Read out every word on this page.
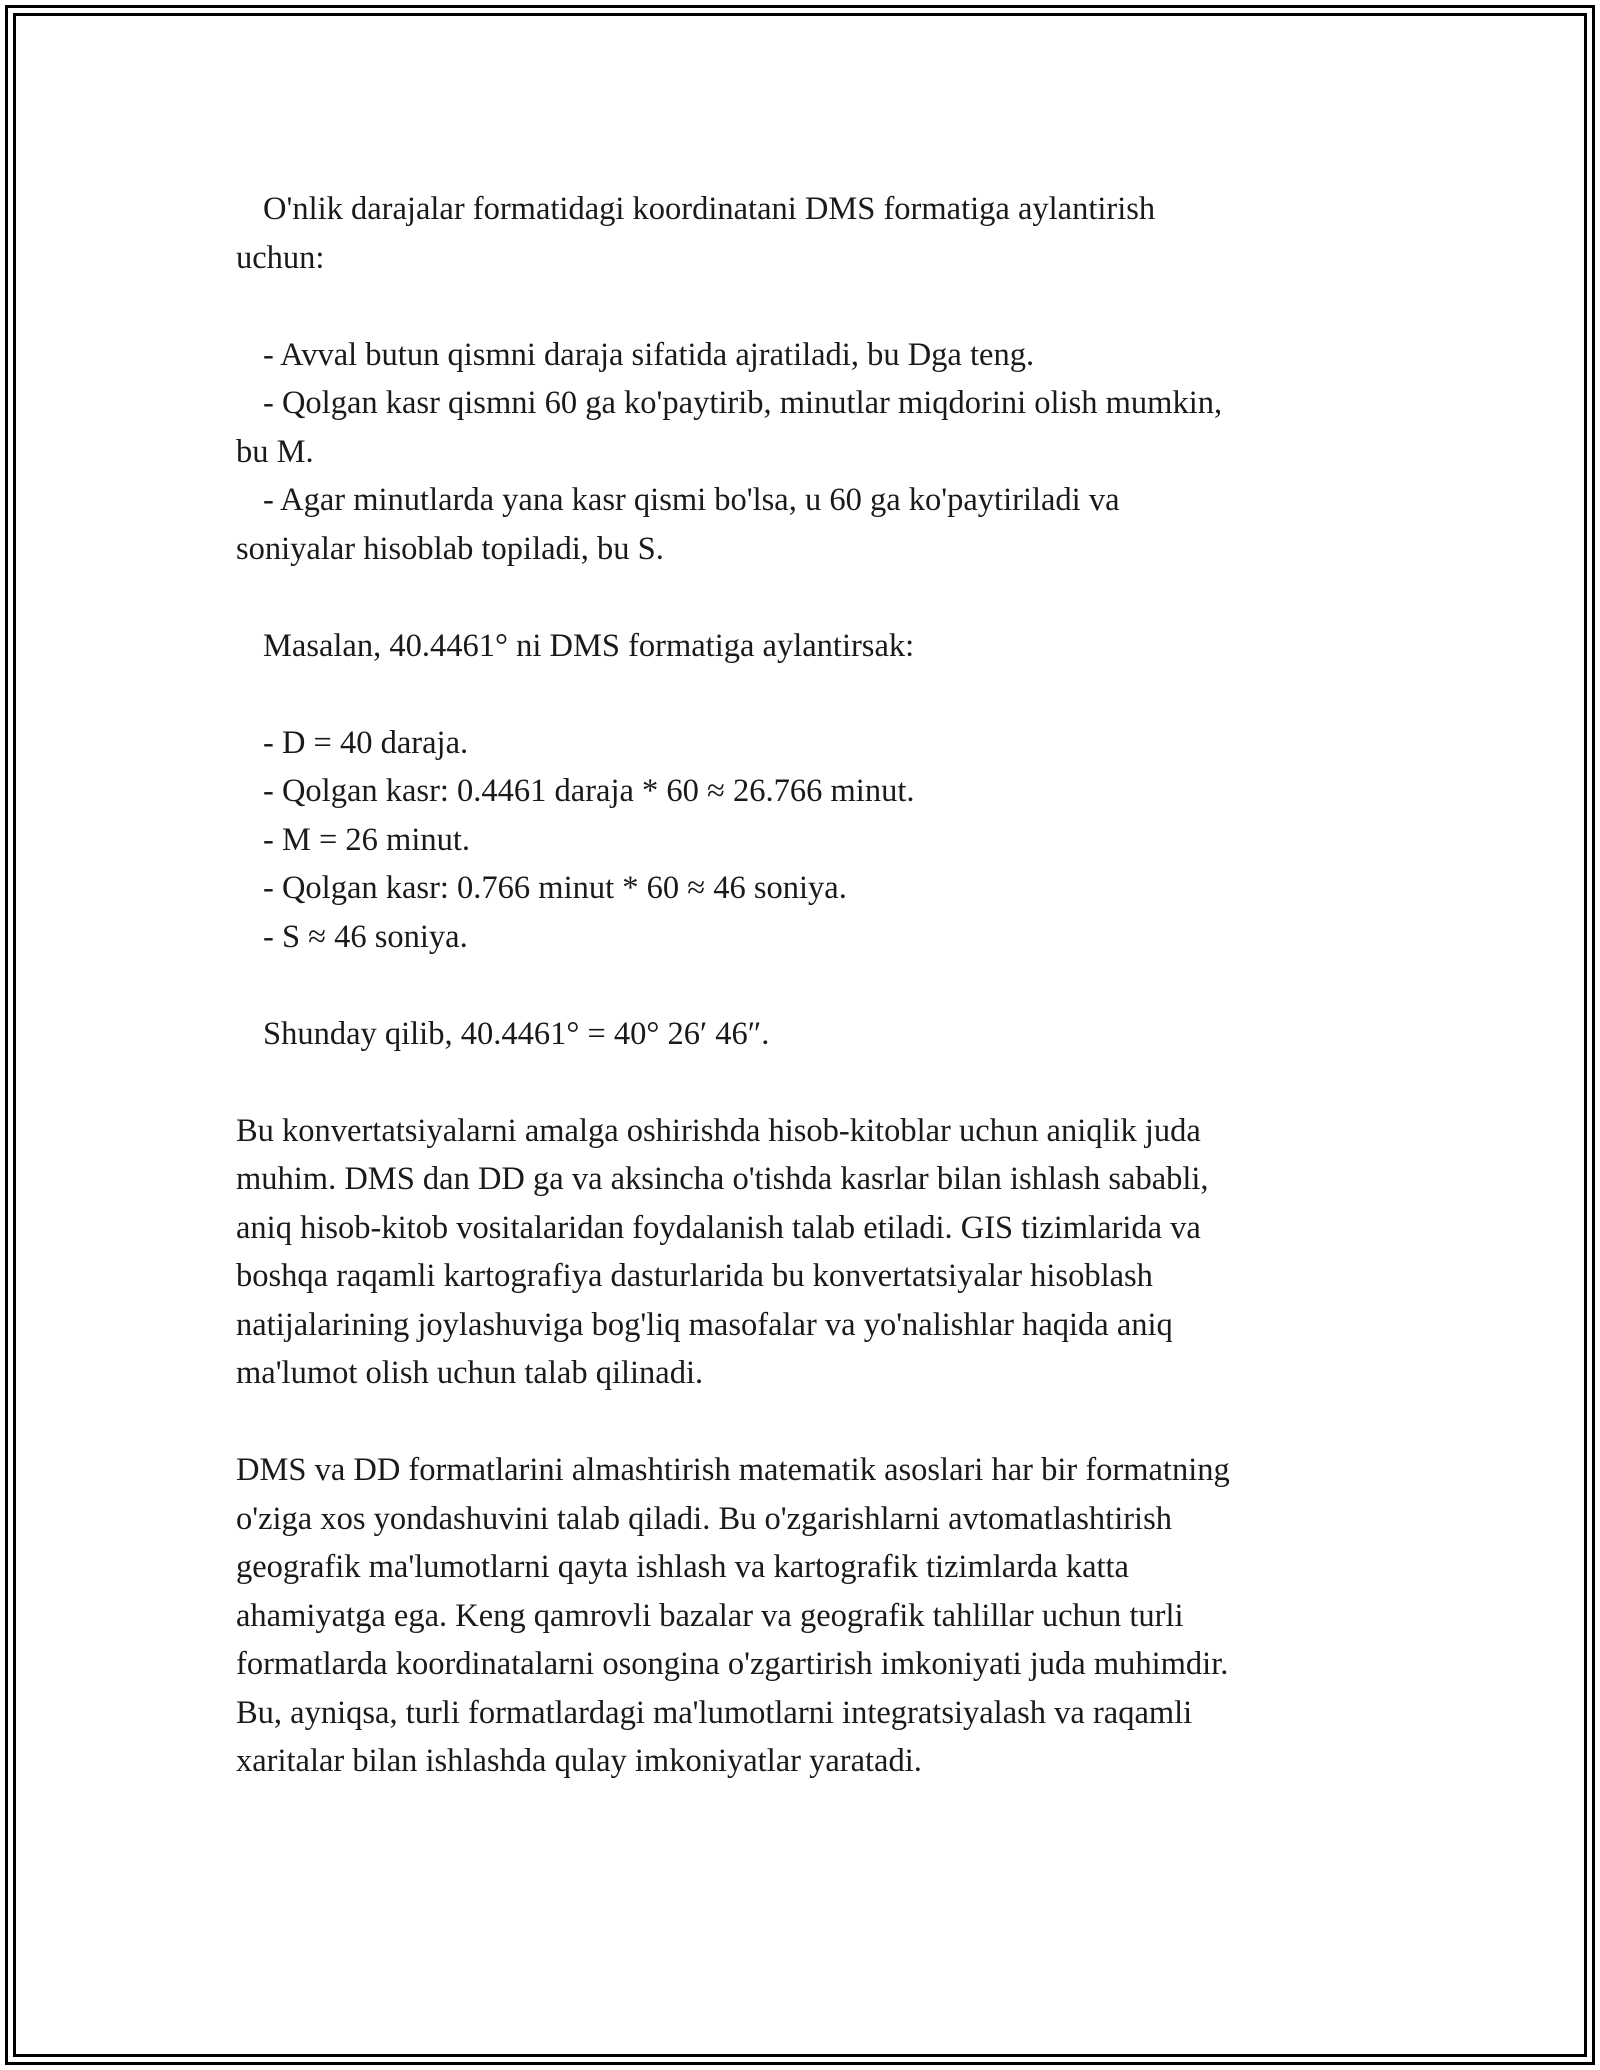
O'nlik darajalar formatidagi koordinatani DMS formatiga aylantirish
uchun:
- Avval butun qismni daraja sifatida ajratiladi, bu Dga teng.
- Qolgan kasr qismni 60 ga ko'paytirib, minutlar miqdorini olish mumkin,
bu M.
- Agar minutlarda yana kasr qismi bo'lsa, u 60 ga ko'paytiriladi va
soniyalar hisoblab topiladi, bu S.
Masalan, 40.4461° ni DMS formatiga aylantirsak:
- D = 40 daraja.
- Qolgan kasr: 0.4461 daraja * 60 ≈ 26.766 minut.
- M = 26 minut.
- Qolgan kasr: 0.766 minut * 60 ≈ 46 soniya.
- S ≈ 46 soniya.
Shunday qilib, 40.4461° = 40° 26′ 46″.
Bu konvertatsiyalarni amalga oshirishda hisob-kitoblar uchun aniqlik juda
muhim. DMS dan DD ga va aksincha o'tishda kasrlar bilan ishlash sababli,
aniq hisob-kitob vositalaridan foydalanish talab etiladi. GIS tizimlarida va
boshqa raqamli kartografiya dasturlarida bu konvertatsiyalar hisoblash
natijalarining joylashuviga bog'liq masofalar va yo'nalishlar haqida aniq
ma'lumot olish uchun talab qilinadi.
DMS va DD formatlarini almashtirish matematik asoslari har bir formatning
o'ziga xos yondashuvini talab qiladi. Bu o'zgarishlarni avtomatlashtirish
geografik ma'lumotlarni qayta ishlash va kartografik tizimlarda katta
ahamiyatga ega. Keng qamrovli bazalar va geografik tahlillar uchun turli
formatlarda koordinatalarni osongina o'zgartirish imkoniyati juda muhimdir.
Bu, ayniqsa, turli formatlardagi ma'lumotlarni integratsiyalash va raqamli
xaritalar bilan ishlashda qulay imkoniyatlar yaratadi.
